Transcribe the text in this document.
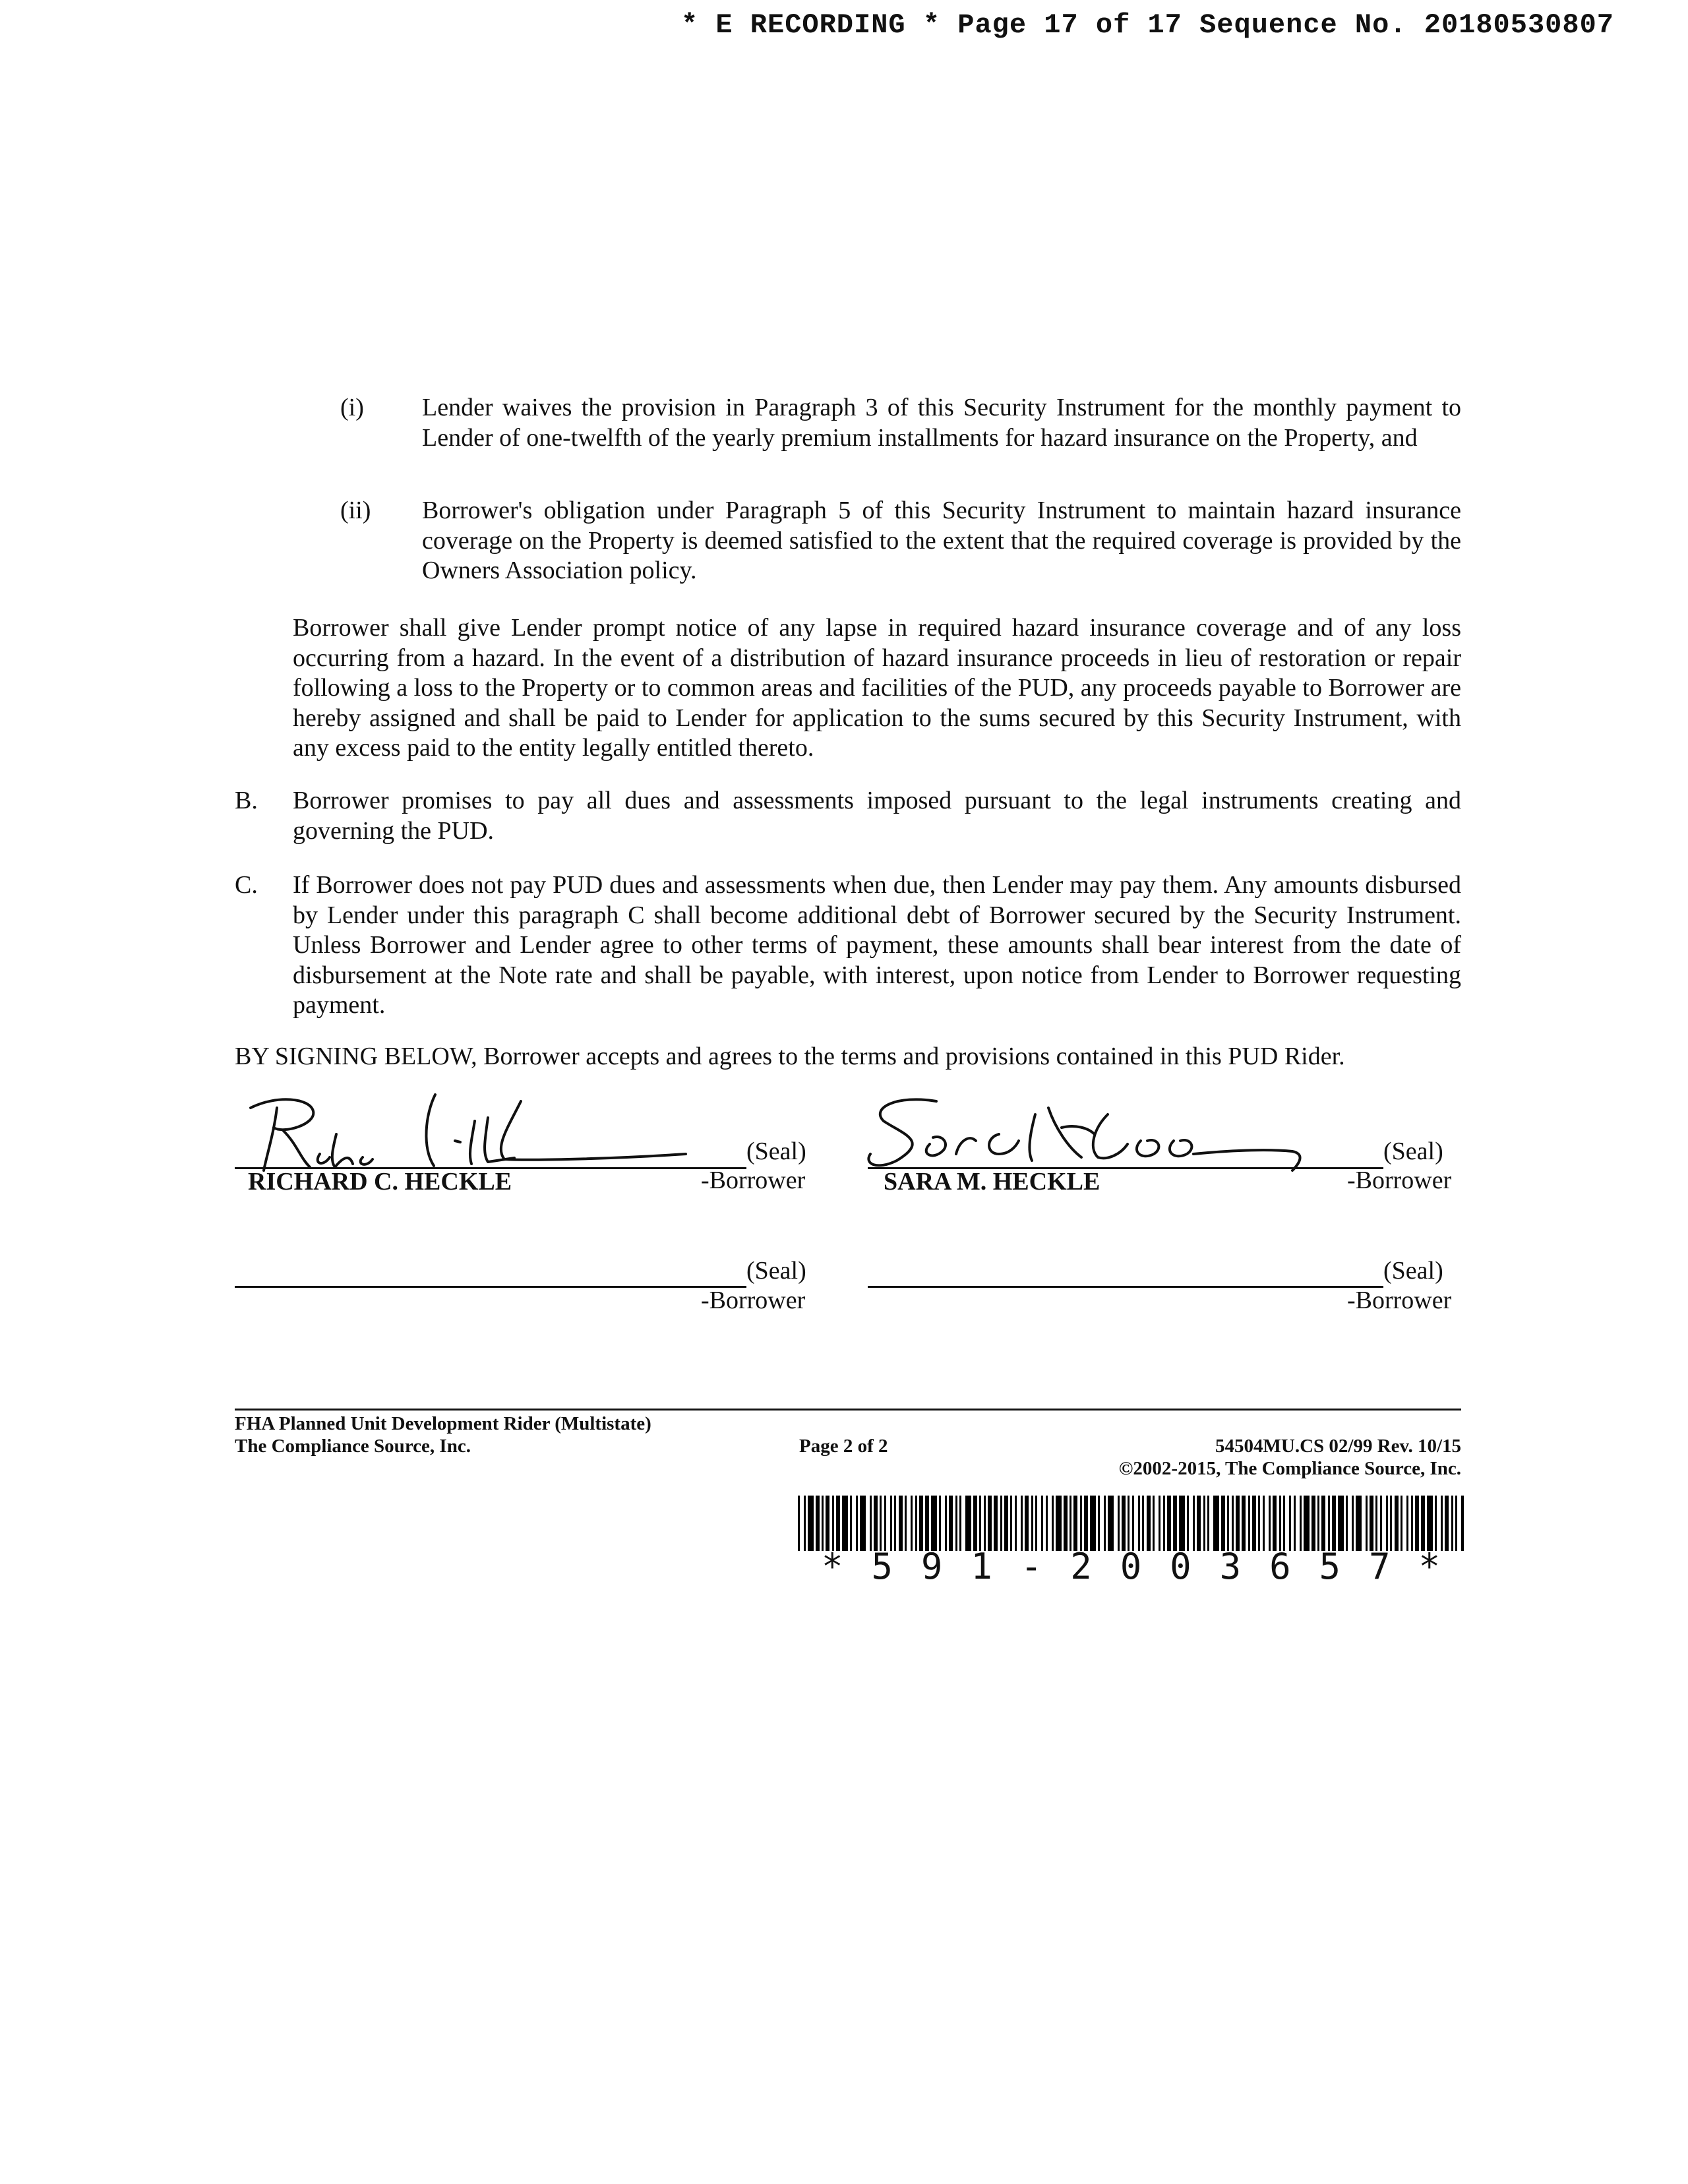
* E RECORDING * Page 17 of 17 Sequence No. 20180530807
(i) Lender waives the provision in Paragraph 3 of this Security Instrument for the monthly payment to Lender of one-twelfth of the yearly premium installments for hazard insurance on the Property, and
(ii) Borrower's obligation under Paragraph 5 of this Security Instrument to maintain hazard insurance coverage on the Property is deemed satisfied to the extent that the required coverage is provided by the Owners Association policy.
Borrower shall give Lender prompt notice of any lapse in required hazard insurance coverage and of any loss occurring from a hazard. In the event of a distribution of hazard insurance proceeds in lieu of restoration or repair following a loss to the Property or to common areas and facilities of the PUD, any proceeds payable to Borrower are hereby assigned and shall be paid to Lender for application to the sums secured by this Security Instrument, with any excess paid to the entity legally entitled thereto.
B. Borrower promises to pay all dues and assessments imposed pursuant to the legal instruments creating and governing the PUD.
C. If Borrower does not pay PUD dues and assessments when due, then Lender may pay them. Any amounts disbursed by Lender under this paragraph C shall become additional debt of Borrower secured by the Security Instrument. Unless Borrower and Lender agree to other terms of payment, these amounts shall bear interest from the date of disbursement at the Note rate and shall be payable, with interest, upon notice from Lender to Borrower requesting payment.
BY SIGNING BELOW, Borrower accepts and agrees to the terms and provisions contained in this PUD Rider.
(Seal)
RICHARD C. HECKLE	-Borrower
(Seal)
SARA M. HECKLE	-Borrower
(Seal)
-Borrower
(Seal)
-Borrower
FHA Planned Unit Development Rider (Multistate)
The Compliance Source, Inc.	Page 2 of 2	54504MU.CS 02/99 Rev. 10/15
©2002-2015, The Compliance Source, Inc.
* 5 9 1 - 2 0 0 3 6 5 7 *
